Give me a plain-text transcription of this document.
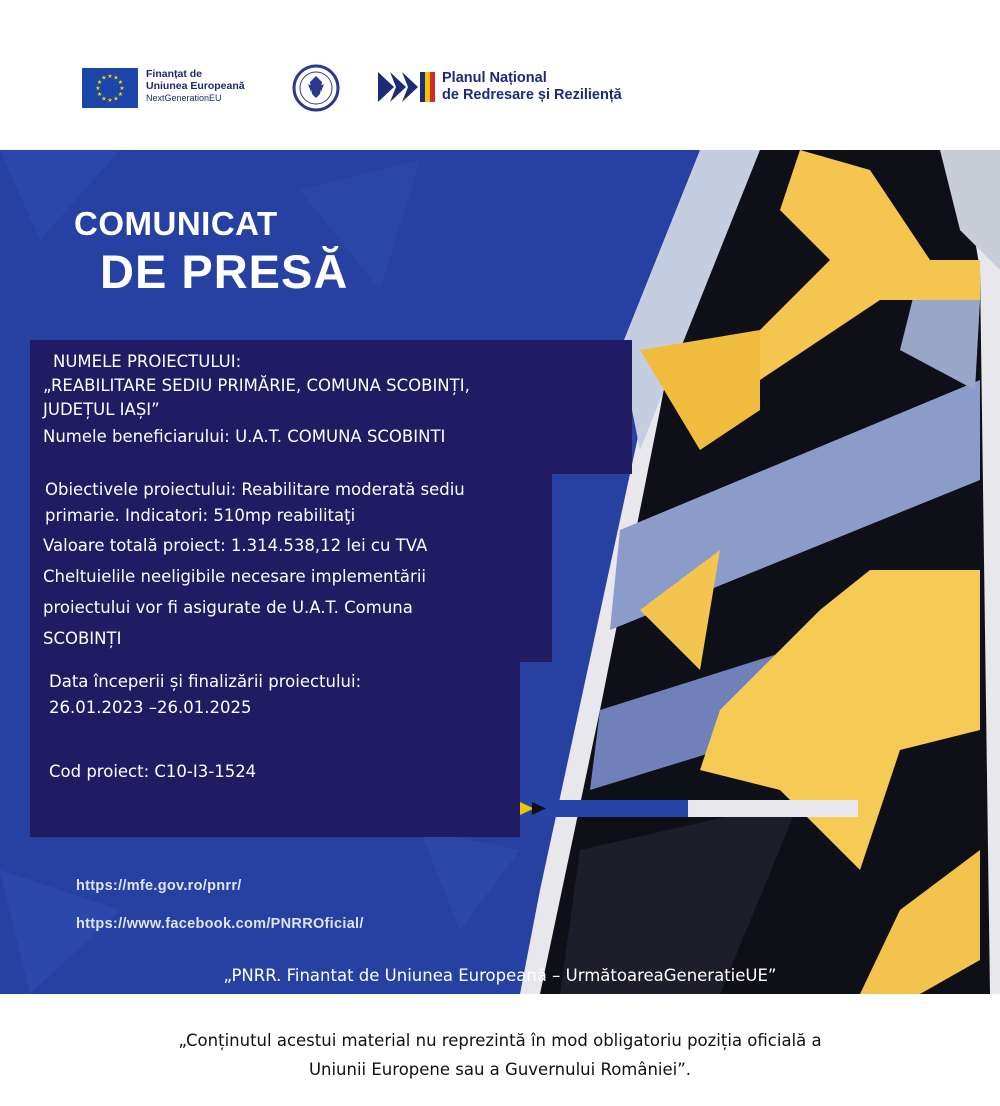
★ ★
★
★
★
★
★
★
★
★
★
★	Finanțat de
Uniunea Europeană
NextGenerationEU
Planul Național
de Redresare și Reziliență
COMUNICAT
DE PRESĂ

NUMELE PROIECTULUI:

„REABILITARE SEDIU PRIMĂRIE, COMUNA SCOBINȚI,

JUDEȚUL IAȘI”

Numele beneficiarului: U.A.T. COMUNA SCOBINTI

Obiectivele proiectului: Reabilitare moderată sediu

primarie. Indicatori: 510mp reabilitaţi

Valoare totală proiect: 1.314.538,12 lei cu TVA

Cheltuielile neeligibile necesare implementării

proiectului vor fi asigurate de U.A.T. Comuna

SCOBINȚI

Data începerii și finalizării proiectului:

26.01.2023 –26.01.2025

Cod proiect: C10-I3-1524

https://mfe.gov.ro/pnrr/

https://www.facebook.com/PNRROficial/

„PNRR. Finantat de Uniunea Europeană – UrmătoareaGeneratieUE”
„Conținutul acestui material nu reprezintă în mod obligatoriu poziția oficială a
Uniunii Europene sau a Guvernului României”.
